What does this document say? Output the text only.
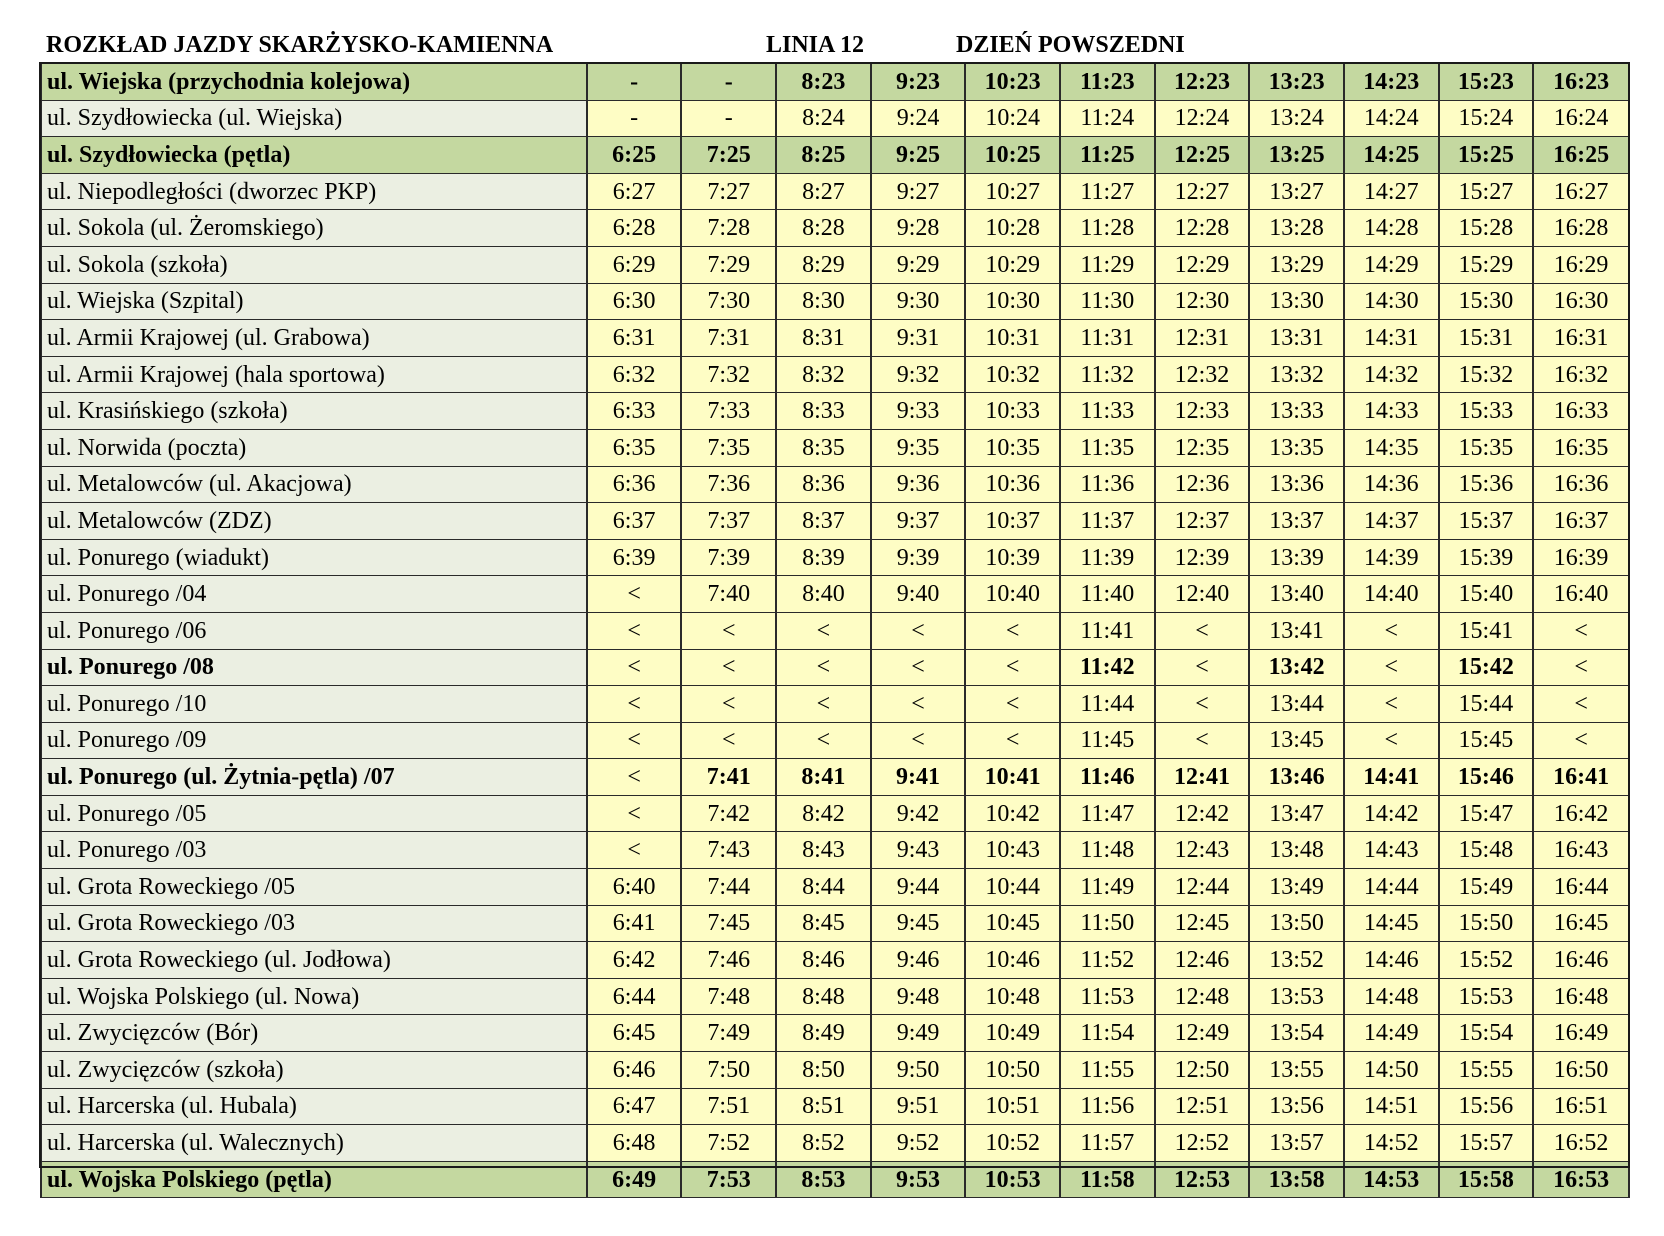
ROZKŁAD JAZDY SKARŻYSKO-KAMIENNA	LINIA 12	DZIEŃ POWSZEDNI
ul. Wiejska (przychodnia kolejowa)	-	-	8:23	9:23	10:23	11:23	12:23	13:23	14:23	15:23	16:23
ul. Szydłowiecka (ul. Wiejska)	-	-	8:24	9:24	10:24	11:24	12:24	13:24	14:24	15:24	16:24
ul. Szydłowiecka (pętla)	6:25	7:25	8:25	9:25	10:25	11:25	12:25	13:25	14:25	15:25	16:25
ul. Niepodległości (dworzec PKP)	6:27	7:27	8:27	9:27	10:27	11:27	12:27	13:27	14:27	15:27	16:27
ul. Sokola (ul. Żeromskiego)	6:28	7:28	8:28	9:28	10:28	11:28	12:28	13:28	14:28	15:28	16:28
ul. Sokola (szkoła)	6:29	7:29	8:29	9:29	10:29	11:29	12:29	13:29	14:29	15:29	16:29
ul. Wiejska (Szpital)	6:30	7:30	8:30	9:30	10:30	11:30	12:30	13:30	14:30	15:30	16:30
ul. Armii Krajowej (ul. Grabowa)	6:31	7:31	8:31	9:31	10:31	11:31	12:31	13:31	14:31	15:31	16:31
ul. Armii Krajowej (hala sportowa)	6:32	7:32	8:32	9:32	10:32	11:32	12:32	13:32	14:32	15:32	16:32
ul. Krasińskiego (szkoła)	6:33	7:33	8:33	9:33	10:33	11:33	12:33	13:33	14:33	15:33	16:33
ul. Norwida (poczta)	6:35	7:35	8:35	9:35	10:35	11:35	12:35	13:35	14:35	15:35	16:35
ul. Metalowców (ul. Akacjowa)	6:36	7:36	8:36	9:36	10:36	11:36	12:36	13:36	14:36	15:36	16:36
ul. Metalowców (ZDZ)	6:37	7:37	8:37	9:37	10:37	11:37	12:37	13:37	14:37	15:37	16:37
ul. Ponurego (wiadukt)	6:39	7:39	8:39	9:39	10:39	11:39	12:39	13:39	14:39	15:39	16:39
ul. Ponurego /04	<	7:40	8:40	9:40	10:40	11:40	12:40	13:40	14:40	15:40	16:40
ul. Ponurego /06	<	<	<	<	<	11:41	<	13:41	<	15:41	<
ul. Ponurego /08	<	<	<	<	<	11:42	<	13:42	<	15:42	<
ul. Ponurego /10	<	<	<	<	<	11:44	<	13:44	<	15:44	<
ul. Ponurego /09	<	<	<	<	<	11:45	<	13:45	<	15:45	<
ul. Ponurego (ul. Żytnia-pętla) /07	<	7:41	8:41	9:41	10:41	11:46	12:41	13:46	14:41	15:46	16:41
ul. Ponurego /05	<	7:42	8:42	9:42	10:42	11:47	12:42	13:47	14:42	15:47	16:42
ul. Ponurego /03	<	7:43	8:43	9:43	10:43	11:48	12:43	13:48	14:43	15:48	16:43
ul. Grota Roweckiego /05	6:40	7:44	8:44	9:44	10:44	11:49	12:44	13:49	14:44	15:49	16:44
ul. Grota Roweckiego /03	6:41	7:45	8:45	9:45	10:45	11:50	12:45	13:50	14:45	15:50	16:45
ul. Grota Roweckiego (ul. Jodłowa)	6:42	7:46	8:46	9:46	10:46	11:52	12:46	13:52	14:46	15:52	16:46
ul. Wojska Polskiego (ul. Nowa)	6:44	7:48	8:48	9:48	10:48	11:53	12:48	13:53	14:48	15:53	16:48
ul. Zwycięzców (Bór)	6:45	7:49	8:49	9:49	10:49	11:54	12:49	13:54	14:49	15:54	16:49
ul. Zwycięzców (szkoła)	6:46	7:50	8:50	9:50	10:50	11:55	12:50	13:55	14:50	15:55	16:50
ul. Harcerska (ul. Hubala)	6:47	7:51	8:51	9:51	10:51	11:56	12:51	13:56	14:51	15:56	16:51
ul. Harcerska (ul. Walecznych)	6:48	7:52	8:52	9:52	10:52	11:57	12:52	13:57	14:52	15:57	16:52
ul. Wojska Polskiego (pętla)	6:49	7:53	8:53	9:53	10:53	11:58	12:53	13:58	14:53	15:58	16:53
